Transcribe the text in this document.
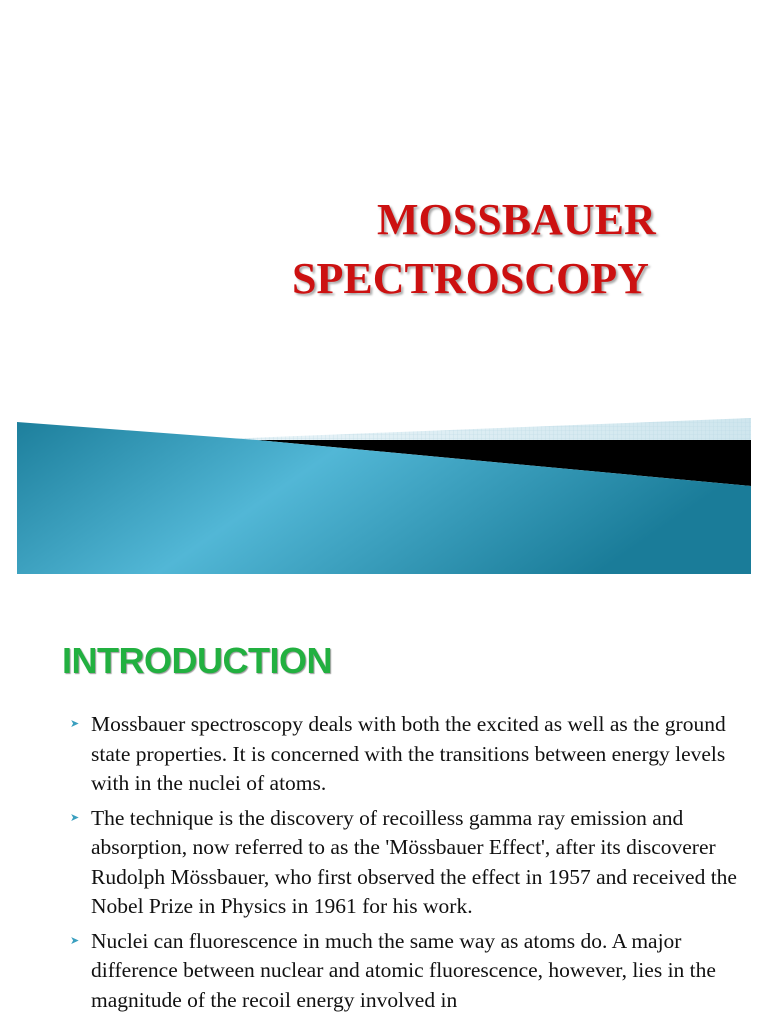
MOSSBAUER
SPECTROSCOPY
INTRODUCTION
➤ Mossbauer spectroscopy deals with both the excited as well as the ground state properties. It is concerned with the transitions between energy levels with in the nuclei of atoms.
➤ The technique is the discovery of recoilless gamma ray emission and absorption, now referred to as the 'Mössbauer Effect', after its discoverer Rudolph Mössbauer, who first observed the effect in 1957 and received the Nobel Prize in Physics in 1961 for his work.
➤ Nuclei can fluorescence in much the same way as atoms do. A major difference between nuclear and atomic fluorescence, however, lies in the magnitude of the recoil energy involved in
